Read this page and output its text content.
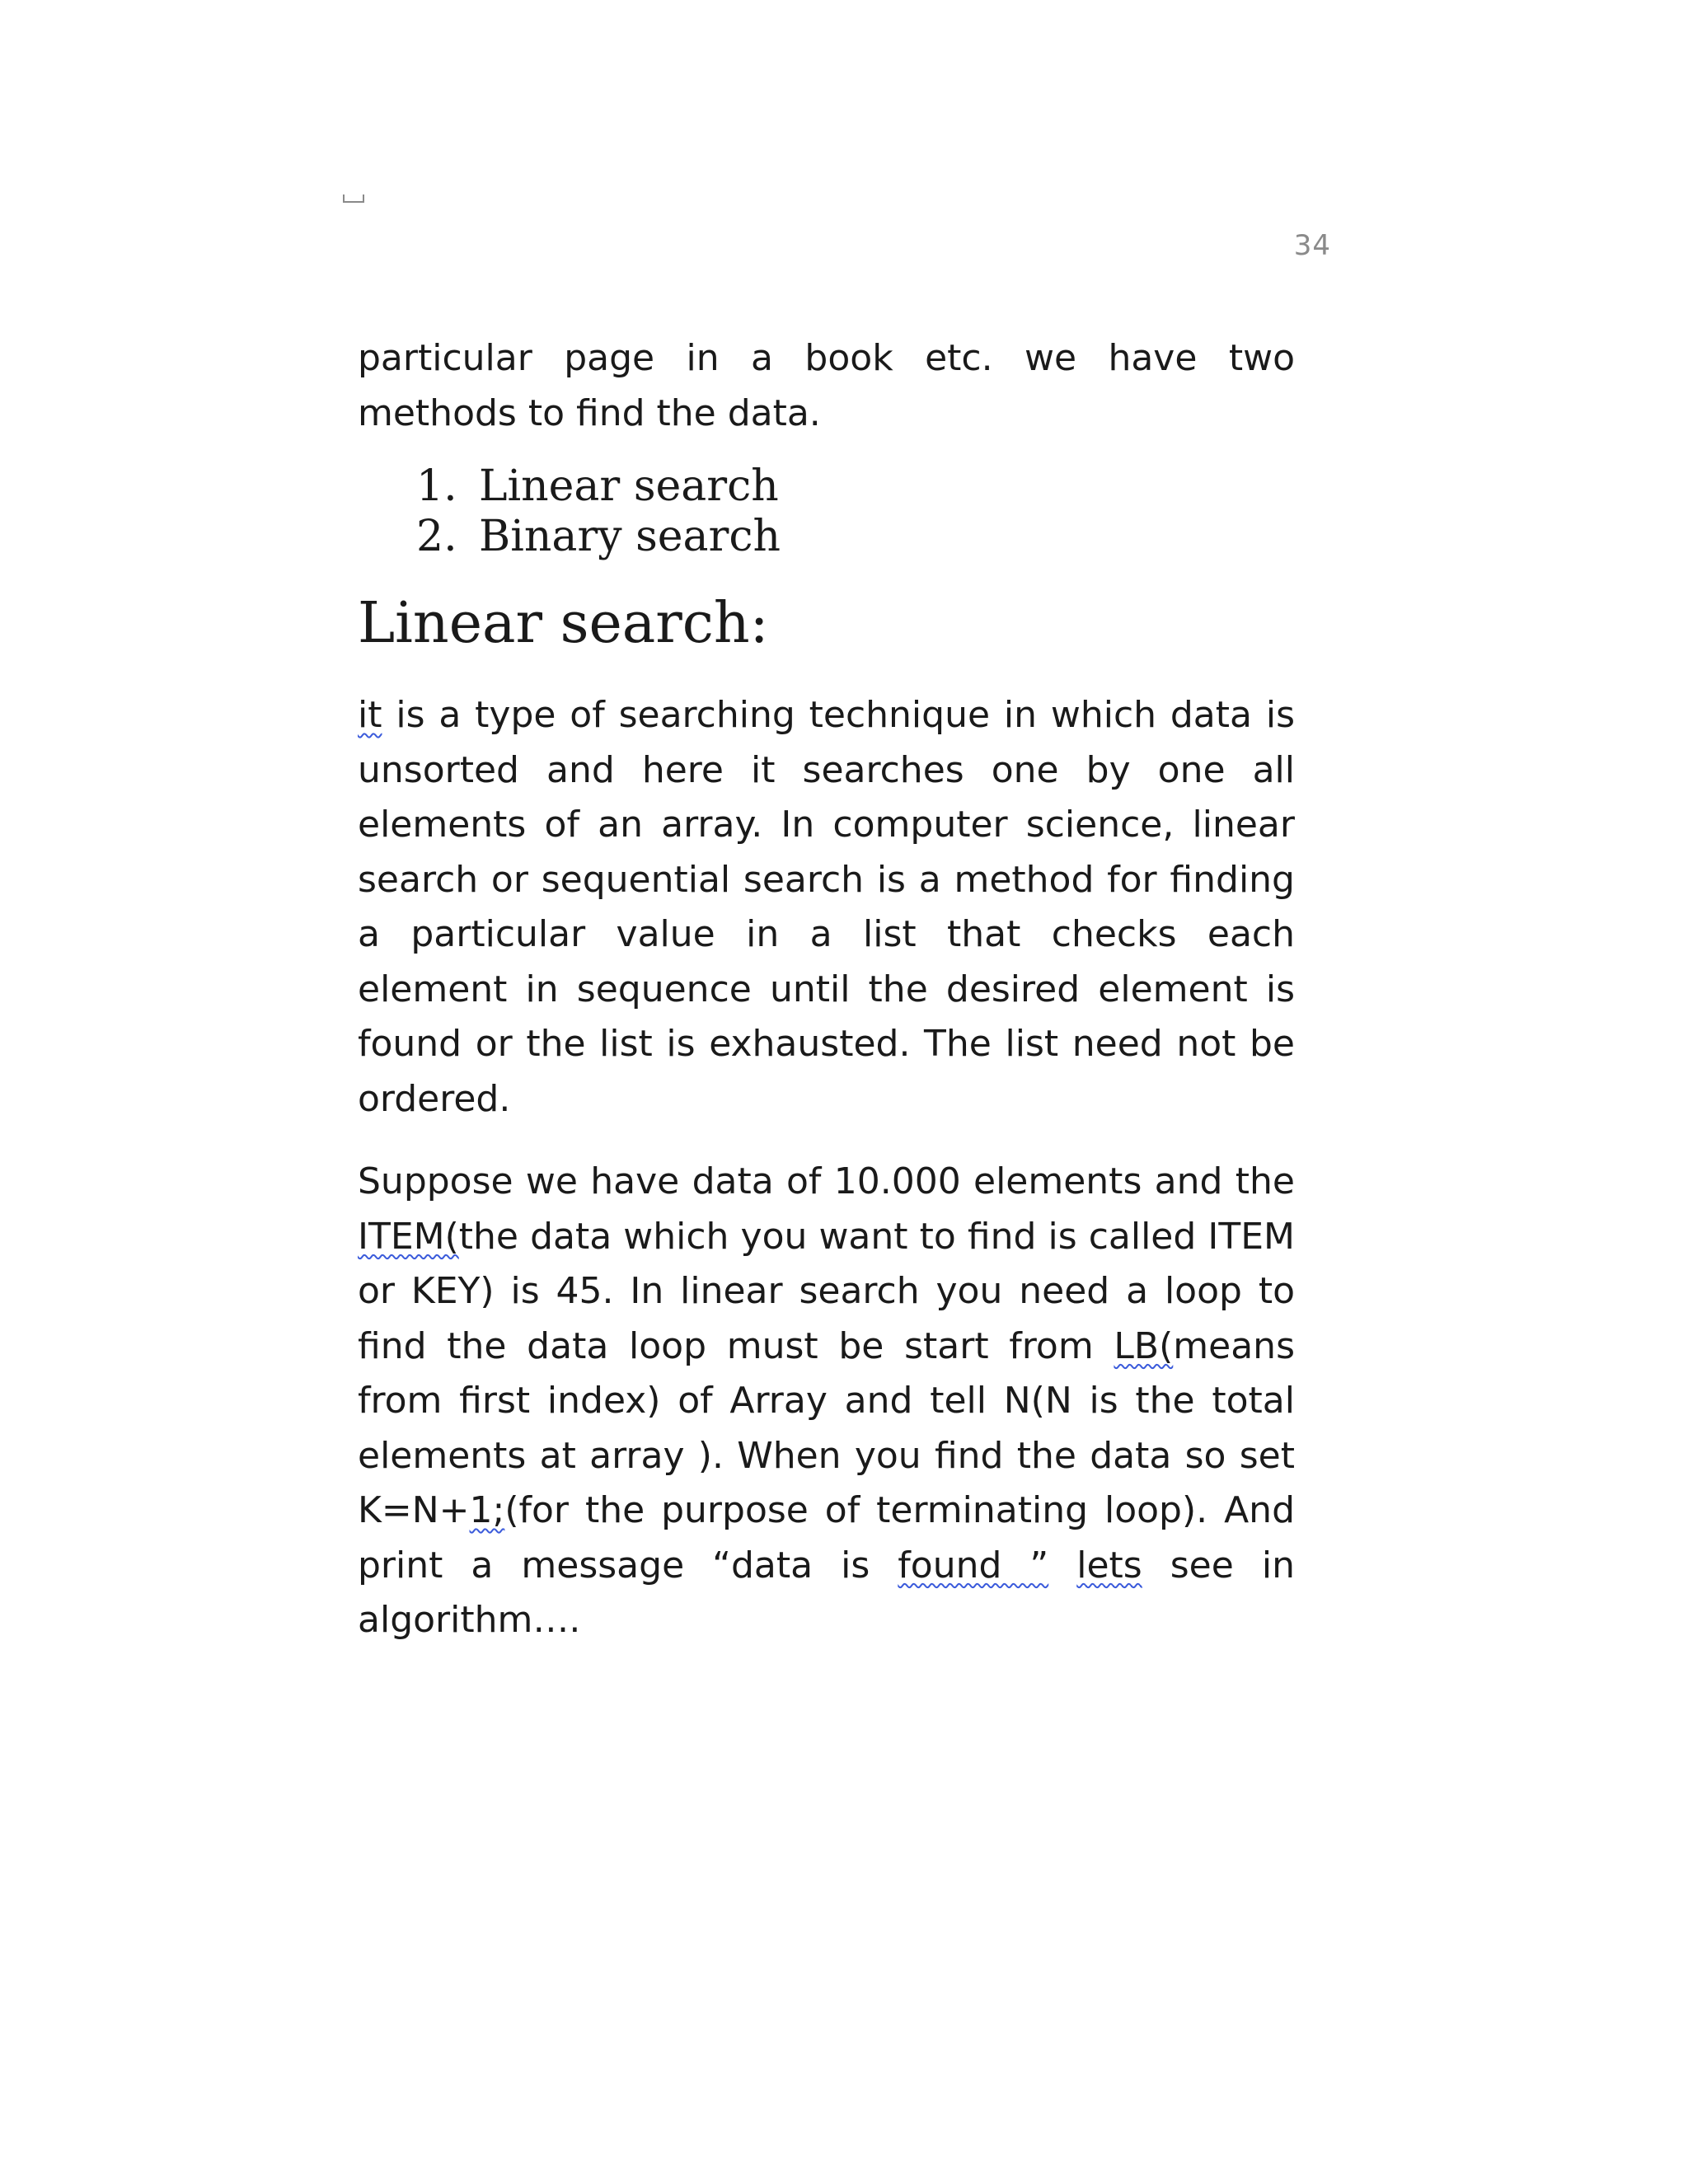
34

particular page in a book etc. we have two methods to find the data.

1. Linear search
2. Binary search
Linear search:

it is a type of searching technique in which data is unsorted and here it searches one by one all elements of an array. In computer science, linear search or sequential search is a method for finding a particular value in a list that checks each element in sequence until the desired element is found or the list is exhausted. The list need not be ordered.

Suppose we have data of 10.000 elements and the ITEM(the data which you want to find is called ITEM or KEY) is 45. In linear search you need a loop to find the data loop must be start from LB(means from first index) of Array and tell N(N is the total elements at array ). When you find the data so set K=N+1;(for the purpose of terminating loop). And print a message “data is found ” lets see in algorithm….
